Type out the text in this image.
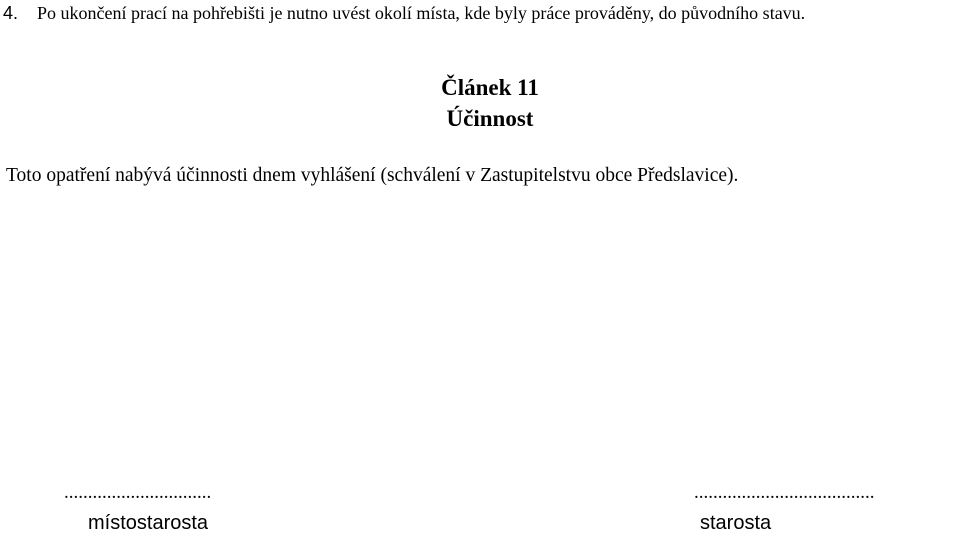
4. Po ukončení prací na pohřebišti je nutno uvést okolí místa, kde byly práce prováděny, do původního stavu.
Článek 11
Účinnost
Toto opatření nabývá účinnosti dnem vyhlášení (schválení v Zastupitelstvu obce Předslavice).
...............................	......................................
místostarosta	starosta
